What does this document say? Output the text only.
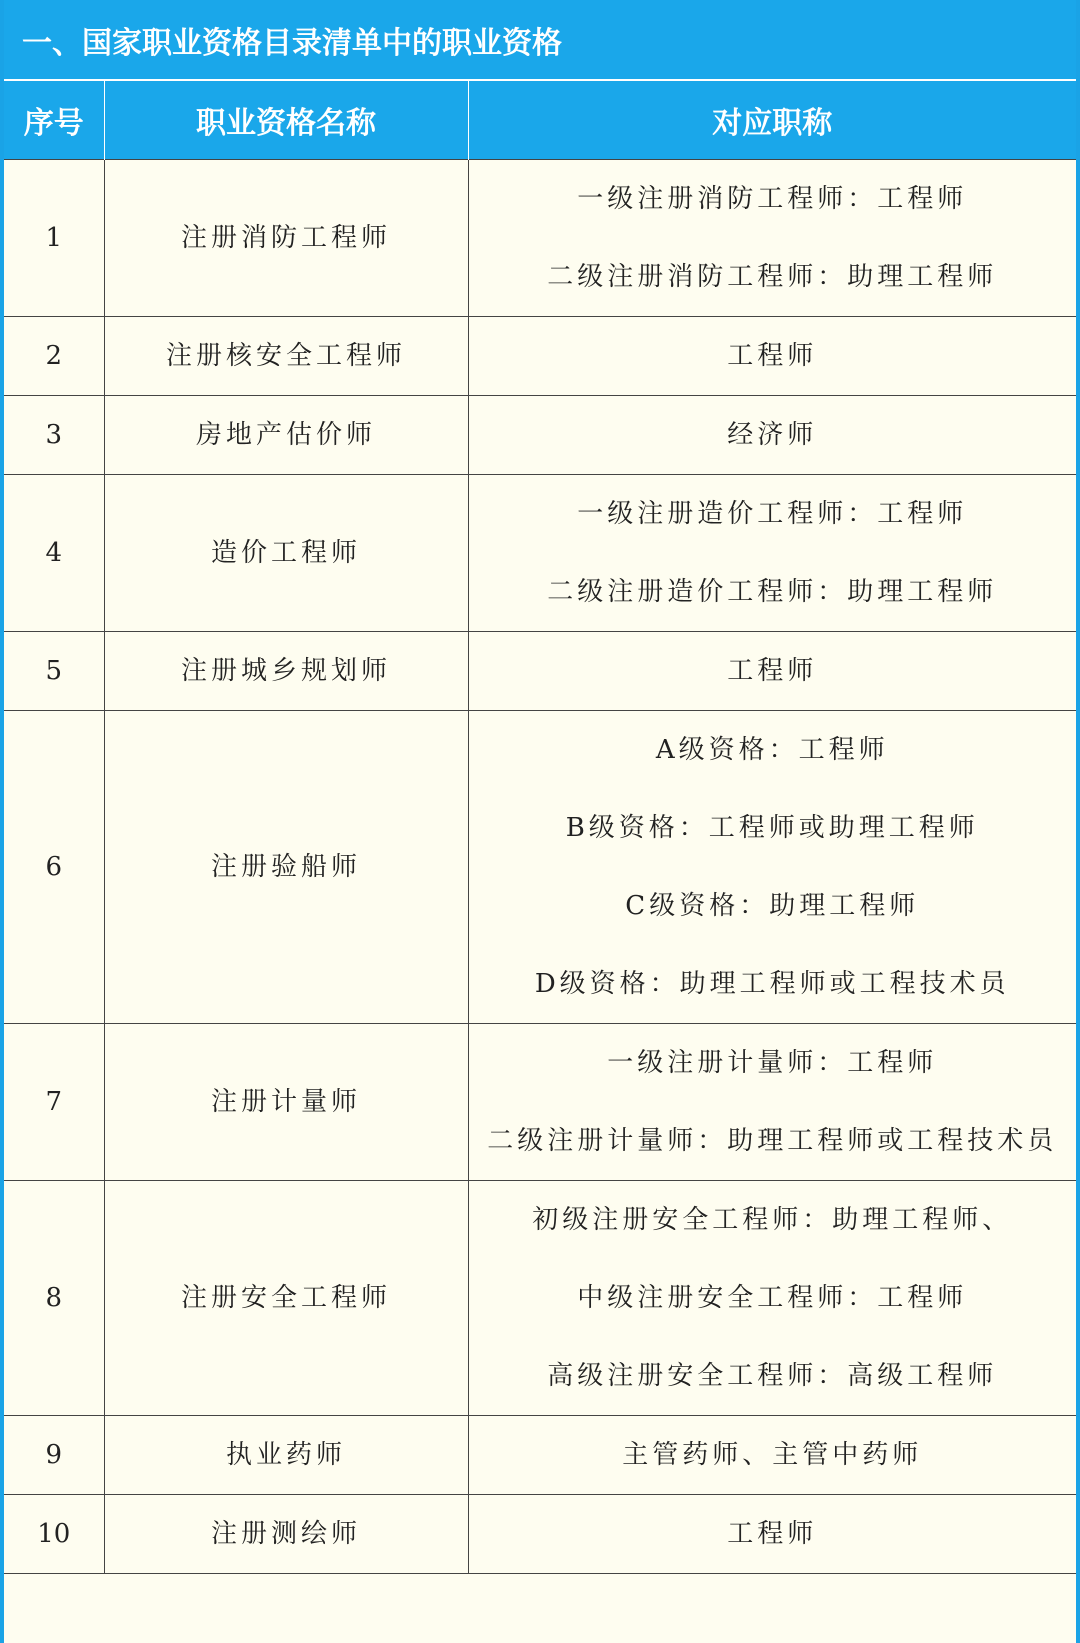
一、国家职业资格目录清单中的职业资格
序号	职业资格名称	对应职称
1	注册消防工程师	一级注册消防工程师：工程师
二级注册消防工程师：助理工程师

2	注册核安全工程师	工程师

3	房地产估价师	经济师

4	造价工程师	一级注册造价工程师：工程师
二级注册造价工程师：助理工程师

5	注册城乡规划师	工程师

6	注册验船师	A级资格：工程师
B级资格：工程师或助理工程师
C级资格：助理工程师
D级资格：助理工程师或工程技术员

7	注册计量师	一级注册计量师：工程师
二级注册计量师：助理工程师或工程技术员

8	注册安全工程师	初级注册安全工程师：助理工程师、
中级注册安全工程师：工程师
高级注册安全工程师：高级工程师

9	执业药师	主管药师、主管中药师

10	注册测绘师	工程师
